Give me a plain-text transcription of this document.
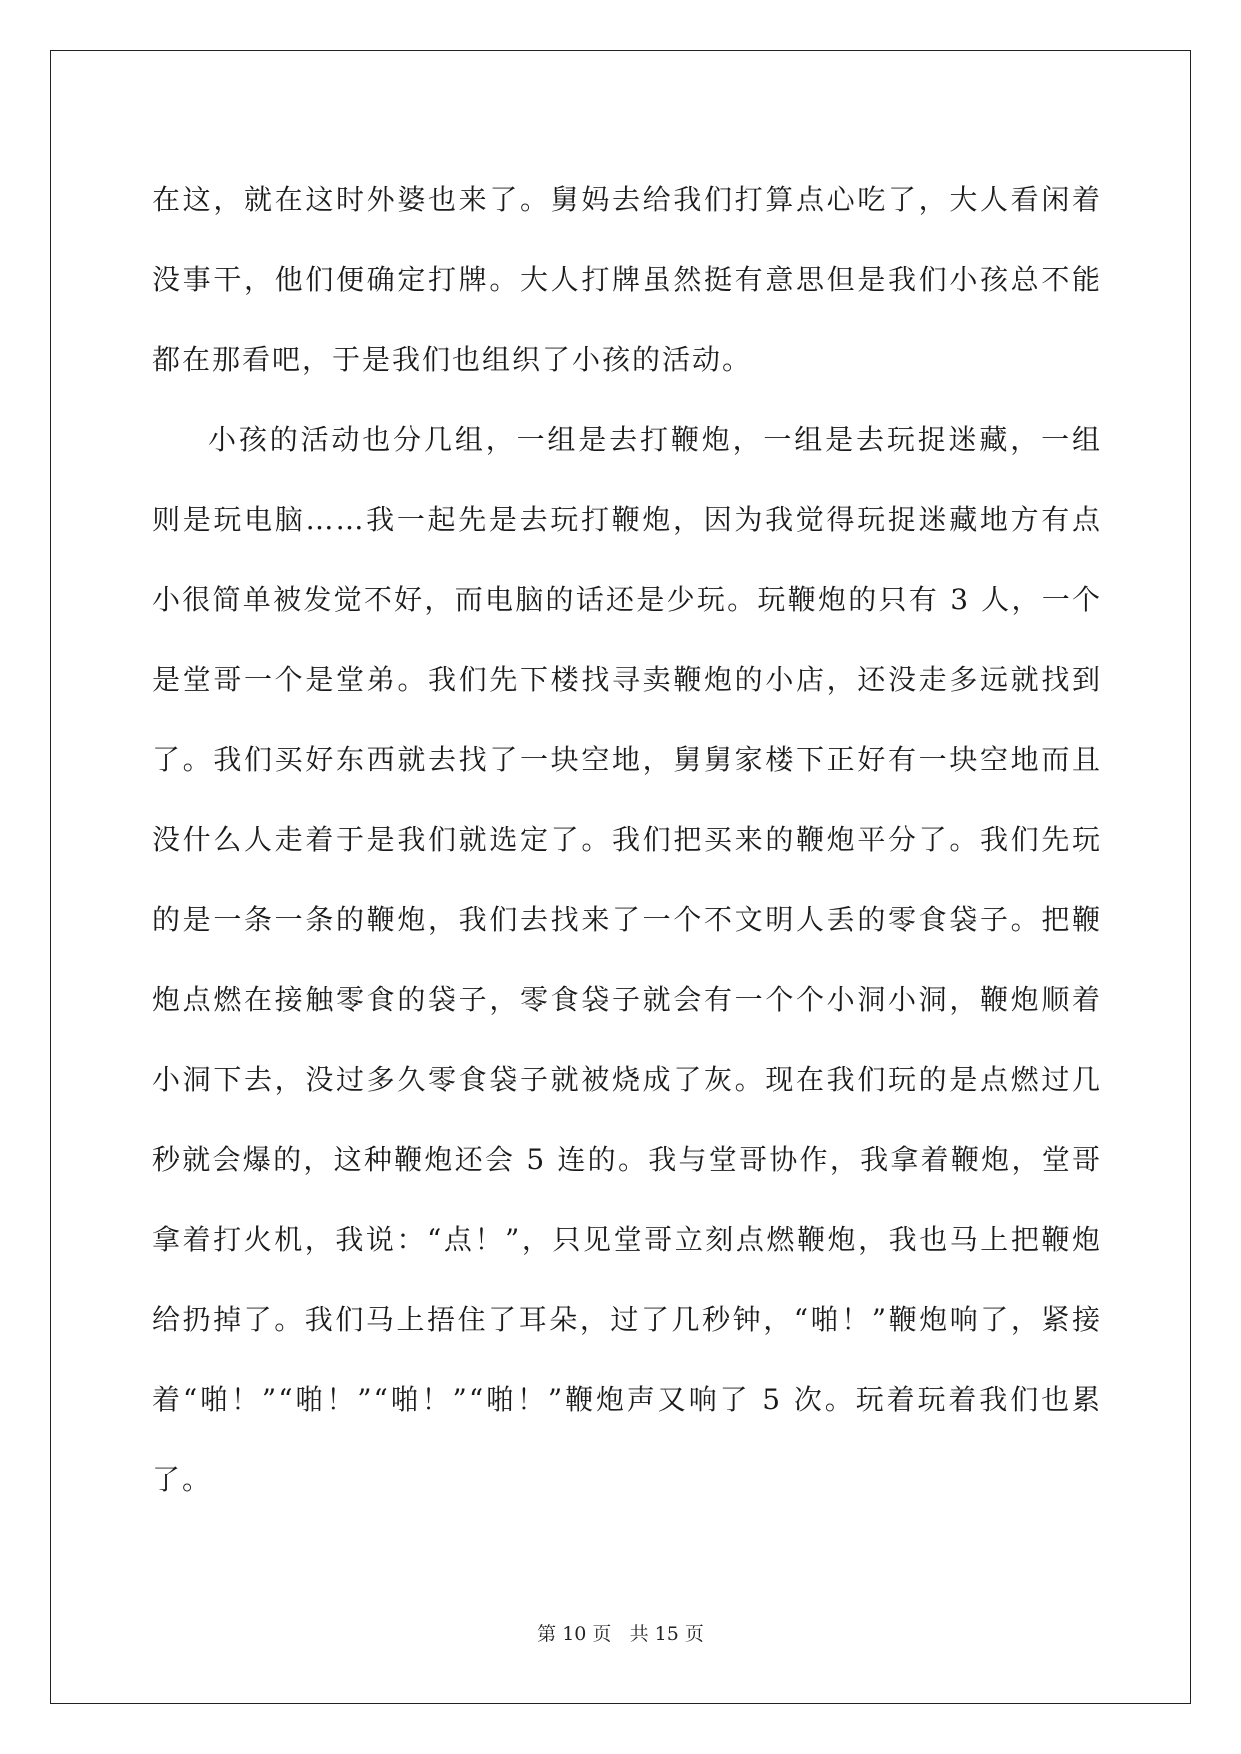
在这，就在这时外婆也来了。舅妈去给我们打算点心吃了，大人看闲着没事干，他们便确定打牌。大人打牌虽然挺有意思但是我们小孩总不能都在那看吧，于是我们也组织了小孩的活动。

小孩的活动也分几组，一组是去打鞭炮，一组是去玩捉迷藏，一组则是玩电脑……我一起先是去玩打鞭炮，因为我觉得玩捉迷藏地方有点小很简单被发觉不好，而电脑的话还是少玩。玩鞭炮的只有 3 人，一个是堂哥一个是堂弟。我们先下楼找寻卖鞭炮的小店，还没走多远就找到了。我们买好东西就去找了一块空地，舅舅家楼下正好有一块空地而且没什么人走着于是我们就选定了。我们把买来的鞭炮平分了。我们先玩的是一条一条的鞭炮，我们去找来了一个不文明人丢的零食袋子。把鞭炮点燃在接触零食的袋子，零食袋子就会有一个个小洞小洞，鞭炮顺着小洞下去，没过多久零食袋子就被烧成了灰。现在我们玩的是点燃过几秒就会爆的，这种鞭炮还会 5 连的。我与堂哥协作，我拿着鞭炮，堂哥拿着打火机，我说：“点！”，只见堂哥立刻点燃鞭炮，我也马上把鞭炮给扔掉了。我们马上捂住了耳朵，过了几秒钟，“啪！”鞭炮响了，紧接着“啪！”“啪！”“啪！”“啪！”鞭炮声又响了 5 次。玩着玩着我们也累了。

第 10 页 共 15 页
